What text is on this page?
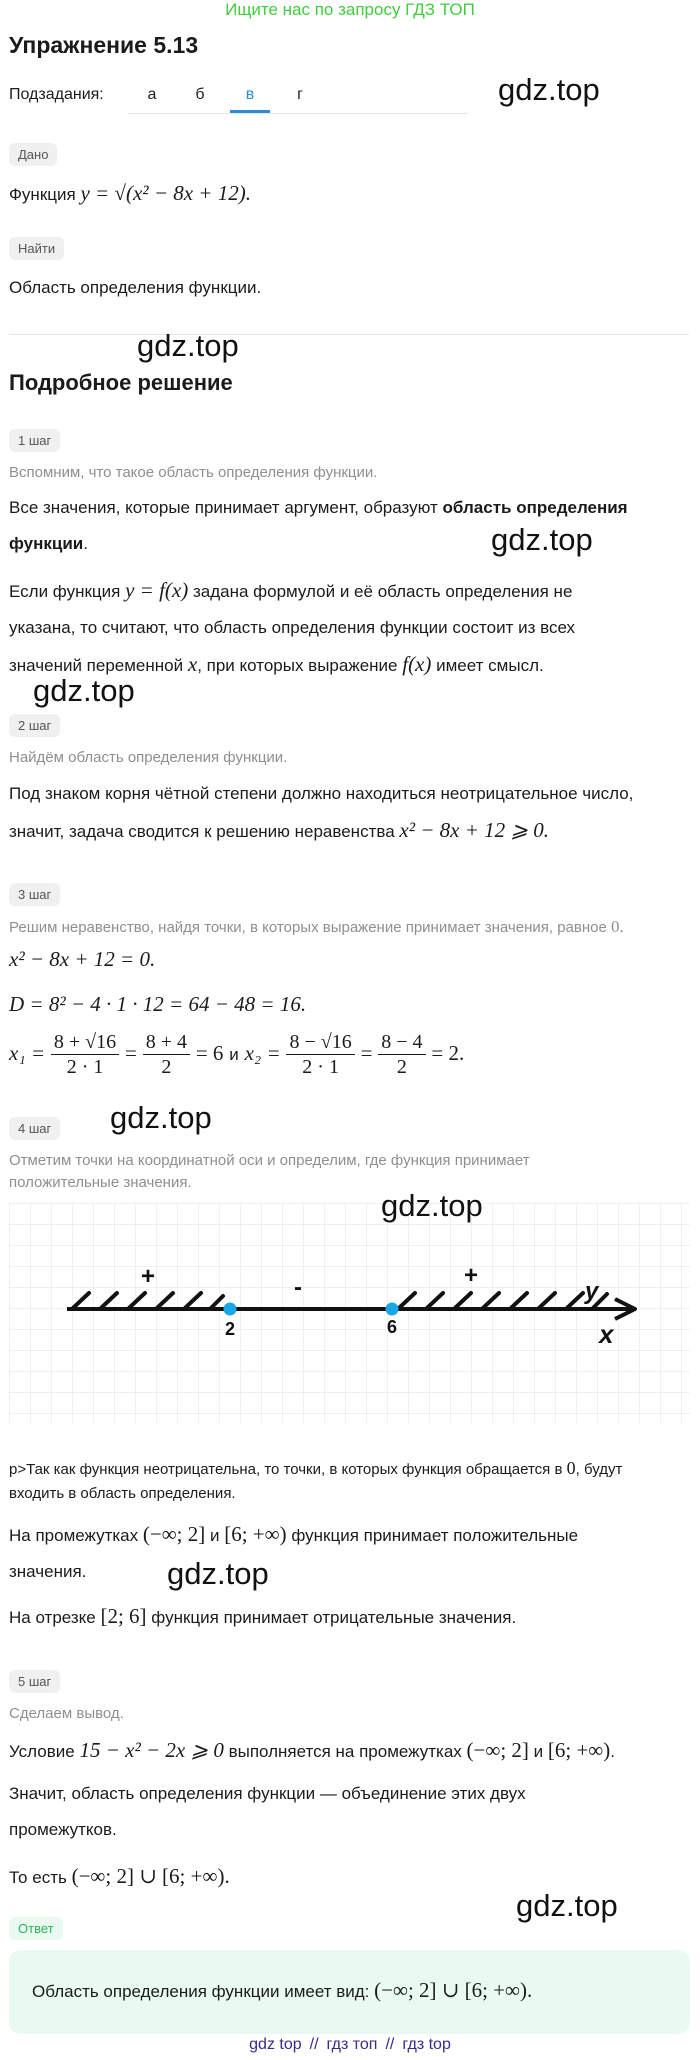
Ищите нас по запросу ГДЗ ТОП
Упражнение 5.13
Подзадания:	а	б	в	г	gdz.top
Дано
Функция y = √(x² − 8x + 12).
Найти
Область определения функции.
gdz.top
Подробное решение
1 шаг
Вспомним, что такое область определения функции.
Все значения, которые принимает аргумент, образуют область определения
функции.	gdz.top
Если функция y = f(x) задана формулой и её область определения не
указана, то считают, что область определения функции состоит из всех
значений переменной x, при которых выражение f(x) имеет смысл.
gdz.top
2 шаг
Найдём область определения функции.
Под знаком корня чётной степени должно находиться неотрицательное число,
значит, задача сводится к решению неравенства x² − 8x + 12 ⩾ 0.
3 шаг
Решим неравенство, найдя точки, в которых выражение принимает значения, равное 0.
x² − 8x + 12 = 0.
D = 8² − 4 · 1 · 12 = 64 − 48 = 16.
$x_1 = \frac{8 + √16}{2 \cdot 1} = \frac{8 + 4}{2} = 6$ и $x_2 = \frac{8 - √16}{2 \cdot 1} = \frac{8 - 4}{2} = 2$.
4 шаг gdz.top
Отметим точки на координатной оси и определим, где функция принимает
положительные значения.
2	6
+	-	+
y
x
gdz.top
p>Так как функция неотрицательна, то точки, в которых функция обращается в 0, будут
входить в область определения.
На промежутках (−∞; 2] и [6; +∞) функция принимает положительные
значения.	gdz.top
На отрезке [2; 6] функция принимает отрицательные значения.
5 шаг
Сделаем вывод.
Условие 15 − x² − 2x ⩾ 0 выполняется на промежутках (−∞; 2] и [6; +∞).
Значит, область определения функции — объединение этих двух
промежутков.
То есть (−∞; 2] ∪ [6; +∞).
gdz.top
Ответ
Область определения функции имеет вид: (−∞; 2] ∪ [6; +∞).
gdz top // гдз топ // гдз top
